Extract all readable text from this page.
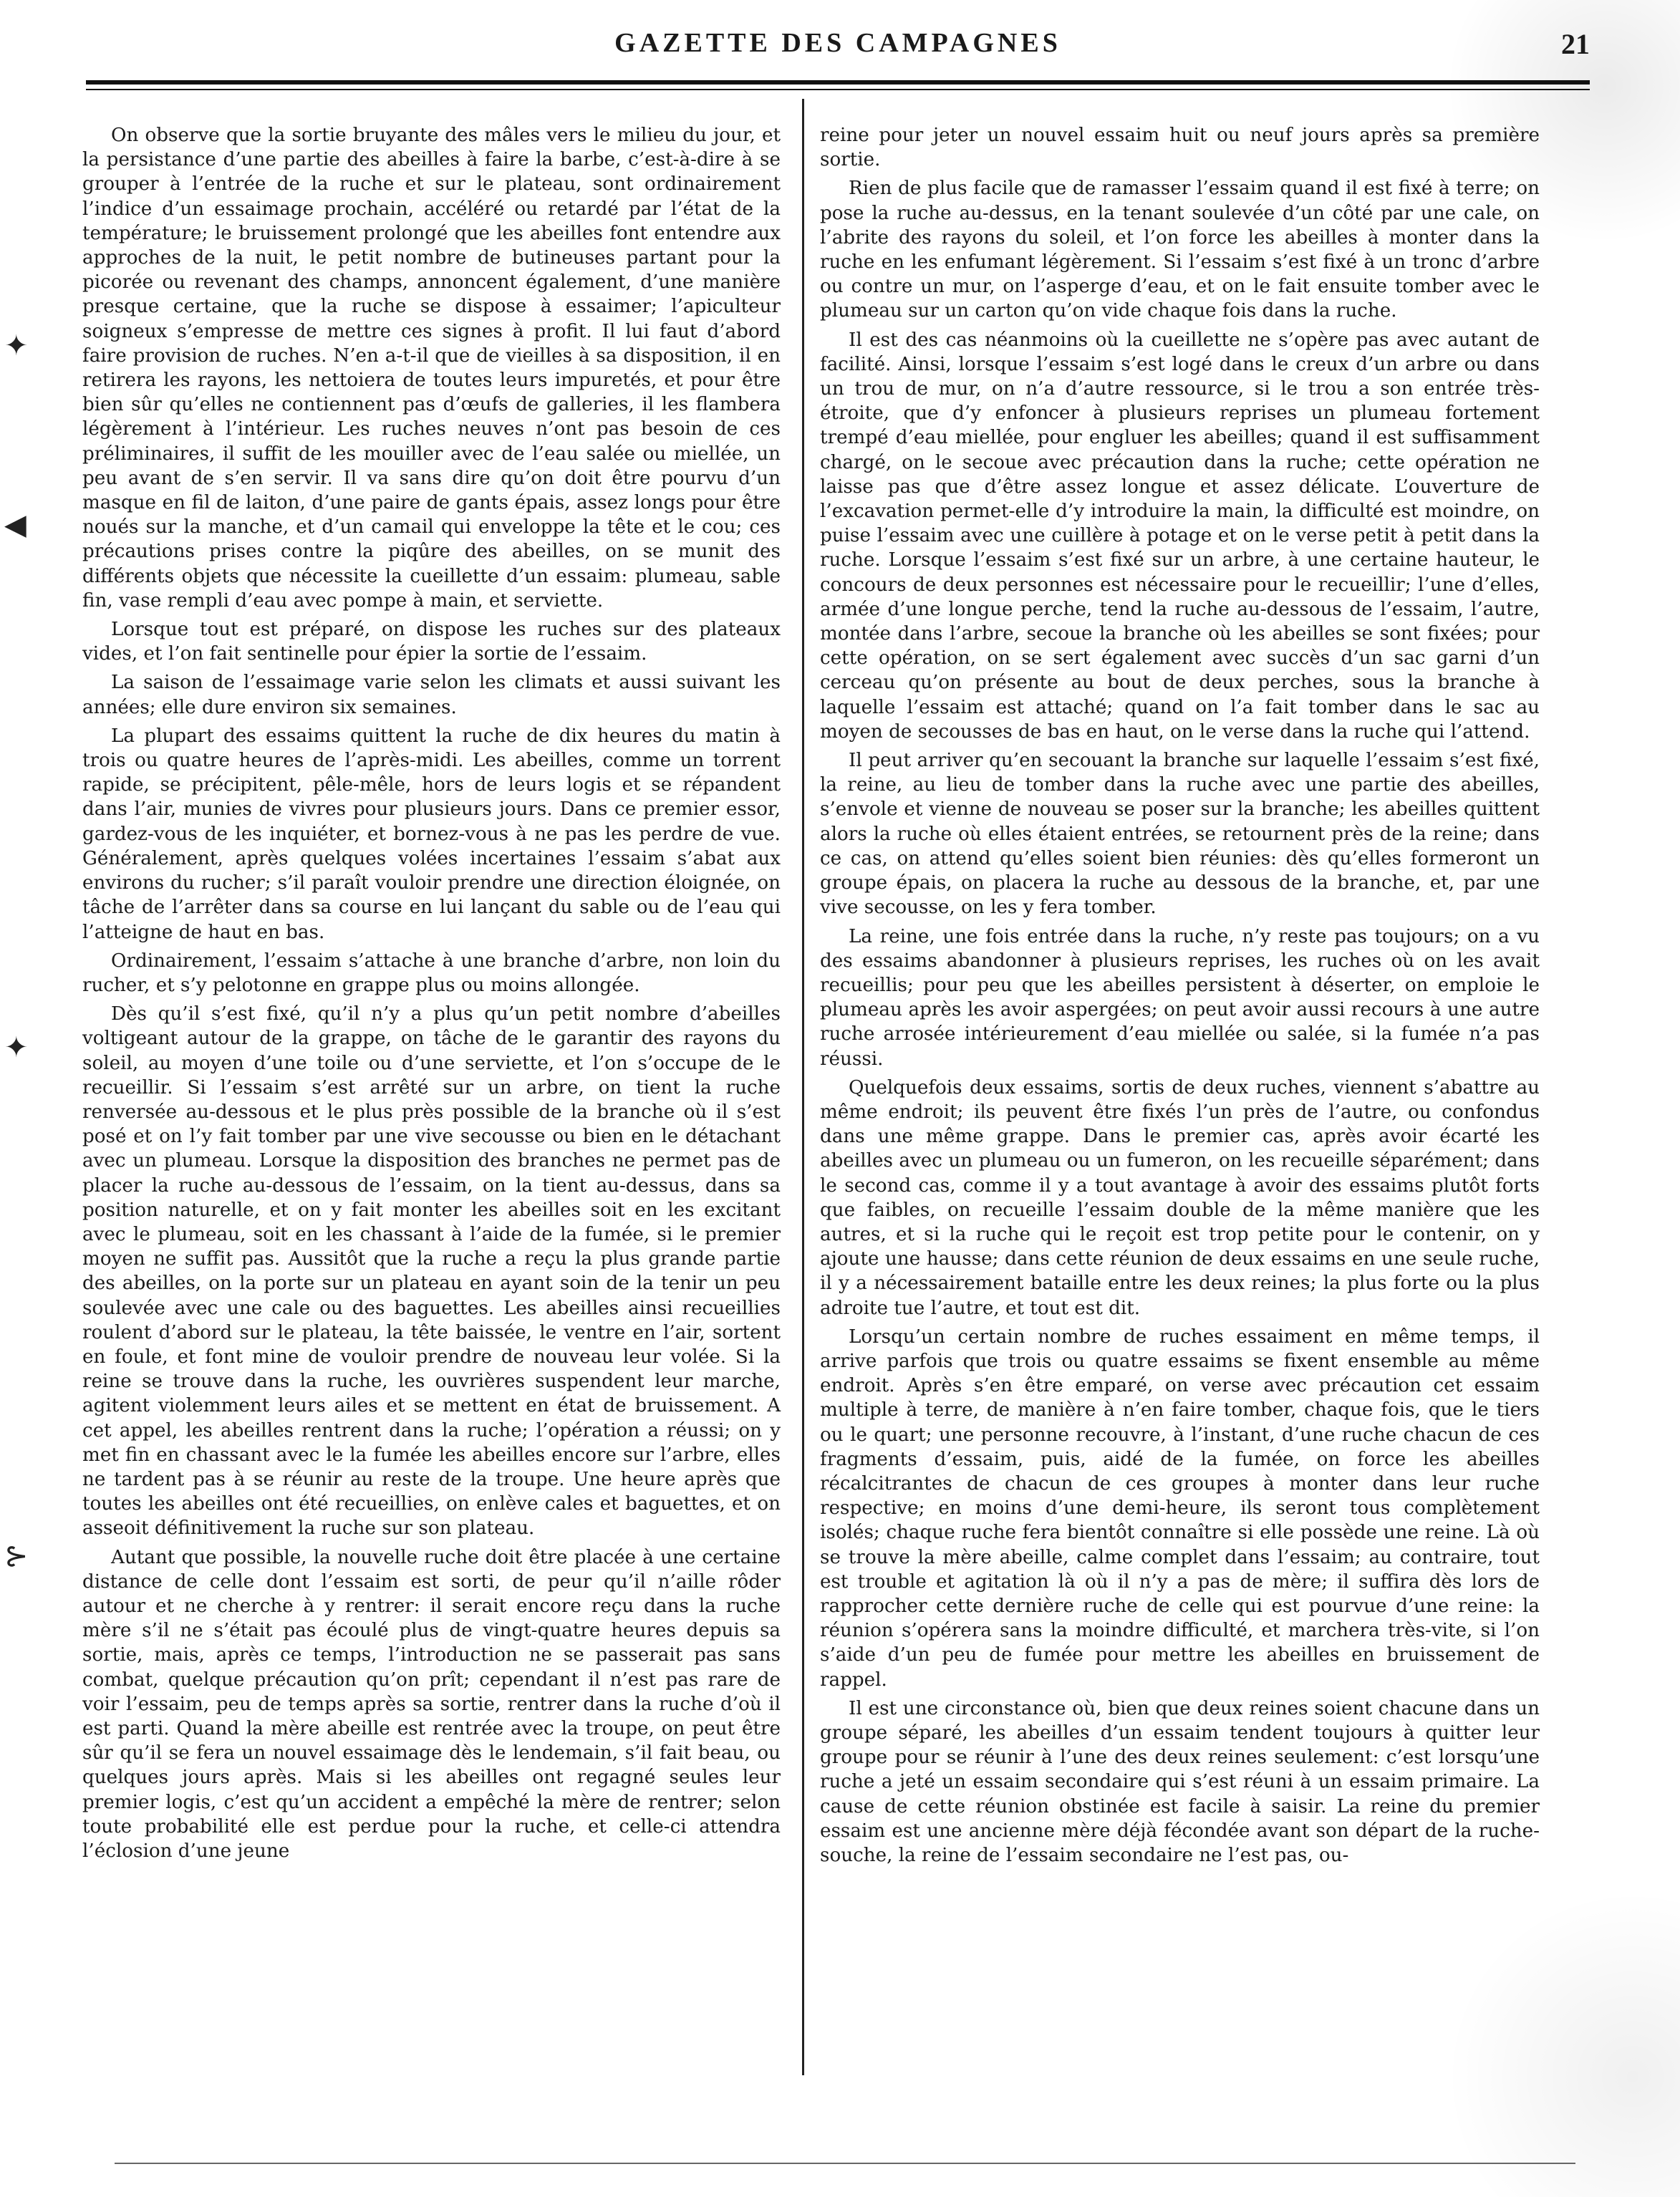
GAZETTE DES CAMPAGNES	21

On observe que la sortie bruyante des mâles vers le milieu du jour, et la persistance d’une partie des abeilles à faire la barbe, c’est-à-dire à se grouper à l’entrée de la ruche et sur le plateau, sont ordinairement l’indice d’un essaimage prochain, accéléré ou retardé par l’état de la température; le bruissement prolongé que les abeilles font entendre aux approches de la nuit, le petit nombre de butineuses partant pour la picorée ou revenant des champs, annoncent également, d’une manière presque certaine, que la ruche se dispose à essaimer; l’apiculteur soigneux s’empresse de mettre ces signes à profit. Il lui faut d’abord faire provision de ruches. N’en a-t-il que de vieilles à sa disposition, il en retirera les rayons, les nettoiera de toutes leurs impuretés, et pour être bien sûr qu’elles ne contiennent pas d’œufs de galleries, il les flambera légèrement à l’intérieur. Les ruches neuves n’ont pas besoin de ces préliminaires, il suffit de les mouiller avec de l’eau salée ou miellée, un peu avant de s’en servir. Il va sans dire qu’on doit être pourvu d’un masque en fil de laiton, d’une paire de gants épais, assez longs pour être noués sur la manche, et d’un camail qui enveloppe la tête et le cou; ces précautions prises contre la piqûre des abeilles, on se munit des différents objets que nécessite la cueillette d’un essaim: plumeau, sable fin, vase rempli d’eau avec pompe à main, et serviette.

Lorsque tout est préparé, on dispose les ruches sur des plateaux vides, et l’on fait sentinelle pour épier la sortie de l’essaim.

La saison de l’essaimage varie selon les climats et aussi suivant les années; elle dure environ six semaines.

La plupart des essaims quittent la ruche de dix heures du matin à trois ou quatre heures de l’après-midi. Les abeilles, comme un torrent rapide, se précipitent, pêle-mêle, hors de leurs logis et se répandent dans l’air, munies de vivres pour plusieurs jours. Dans ce premier essor, gardez-vous de les inquiéter, et bornez-vous à ne pas les perdre de vue. Généralement, après quelques volées incertaines l’essaim s’abat aux environs du rucher; s’il paraît vouloir prendre une direction éloignée, on tâche de l’arrêter dans sa course en lui lançant du sable ou de l’eau qui l’atteigne de haut en bas.

Ordinairement, l’essaim s’attache à une branche d’arbre, non loin du rucher, et s’y pelotonne en grappe plus ou moins allongée.

Dès qu’il s’est fixé, qu’il n’y a plus qu’un petit nombre d’abeilles voltigeant autour de la grappe, on tâche de le garantir des rayons du soleil, au moyen d’une toile ou d’une serviette, et l’on s’occupe de le recueillir. Si l’essaim s’est arrêté sur un arbre, on tient la ruche renversée au-dessous et le plus près possible de la branche où il s’est posé et on l’y fait tomber par une vive secousse ou bien en le détachant avec un plumeau. Lorsque la disposition des branches ne permet pas de placer la ruche au-dessous de l’essaim, on la tient au-dessus, dans sa position naturelle, et on y fait monter les abeilles soit en les excitant avec le plumeau, soit en les chassant à l’aide de la fumée, si le premier moyen ne suffit pas. Aussitôt que la ruche a reçu la plus grande partie des abeilles, on la porte sur un plateau en ayant soin de la tenir un peu soulevée avec une cale ou des baguettes. Les abeilles ainsi recueillies roulent d’abord sur le plateau, la tête baissée, le ventre en l’air, sortent en foule, et font mine de vouloir prendre de nouveau leur volée. Si la reine se trouve dans la ruche, les ouvrières suspendent leur marche, agitent violemment leurs ailes et se mettent en état de bruissement. A cet appel, les abeilles rentrent dans la ruche; l’opération a réussi; on y met fin en chassant avec le la fumée les abeilles encore sur l’arbre, elles ne tardent pas à se réunir au reste de la troupe. Une heure après que toutes les abeilles ont été recueillies, on enlève cales et baguettes, et on asseoit définitivement la ruche sur son plateau.

Autant que possible, la nouvelle ruche doit être placée à une certaine distance de celle dont l’essaim est sorti, de peur qu’il n’aille rôder autour et ne cherche à y rentrer: il serait encore reçu dans la ruche mère s’il ne s’était pas écoulé plus de vingt-quatre heures depuis sa sortie, mais, après ce temps, l’introduction ne se passerait pas sans combat, quelque précaution qu’on prît; cependant il n’est pas rare de voir l’essaim, peu de temps après sa sortie, rentrer dans la ruche d’où il est parti. Quand la mère abeille est rentrée avec la troupe, on peut être sûr qu’il se fera un nouvel essaimage dès le lendemain, s’il fait beau, ou quelques jours après. Mais si les abeilles ont regagné seules leur premier logis, c’est qu’un accident a empêché la mère de rentrer; selon toute probabilité elle est perdue pour la ruche, et celle-ci attendra l’éclosion d’une jeune

reine pour jeter un nouvel essaim huit ou neuf jours après sa première sortie.

Rien de plus facile que de ramasser l’essaim quand il est fixé à terre; on pose la ruche au-dessus, en la tenant soulevée d’un côté par une cale, on l’abrite des rayons du soleil, et l’on force les abeilles à monter dans la ruche en les enfumant légèrement. Si l’essaim s’est fixé à un tronc d’arbre ou contre un mur, on l’asperge d’eau, et on le fait ensuite tomber avec le plumeau sur un carton qu’on vide chaque fois dans la ruche.

Il est des cas néanmoins où la cueillette ne s’opère pas avec autant de facilité. Ainsi, lorsque l’essaim s’est logé dans le creux d’un arbre ou dans un trou de mur, on n’a d’autre ressource, si le trou a son entrée très-étroite, que d’y enfoncer à plusieurs reprises un plumeau fortement trempé d’eau miellée, pour engluer les abeilles; quand il est suffisamment chargé, on le secoue avec précaution dans la ruche; cette opération ne laisse pas que d’être assez longue et assez délicate. L’ouverture de l’excavation permet-elle d’y introduire la main, la difficulté est moindre, on puise l’essaim avec une cuillère à potage et on le verse petit à petit dans la ruche. Lorsque l’essaim s’est fixé sur un arbre, à une certaine hauteur, le concours de deux personnes est nécessaire pour le recueillir; l’une d’elles, armée d’une longue perche, tend la ruche au-dessous de l’essaim, l’autre, montée dans l’arbre, secoue la branche où les abeilles se sont fixées; pour cette opération, on se sert également avec succès d’un sac garni d’un cerceau qu’on présente au bout de deux perches, sous la branche à laquelle l’essaim est attaché; quand on l’a fait tomber dans le sac au moyen de secousses de bas en haut, on le verse dans la ruche qui l’attend.

Il peut arriver qu’en secouant la branche sur laquelle l’essaim s’est fixé, la reine, au lieu de tomber dans la ruche avec une partie des abeilles, s’envole et vienne de nouveau se poser sur la branche; les abeilles quittent alors la ruche où elles étaient entrées, se retournent près de la reine; dans ce cas, on attend qu’elles soient bien réunies: dès qu’elles formeront un groupe épais, on placera la ruche au dessous de la branche, et, par une vive secousse, on les y fera tomber.

La reine, une fois entrée dans la ruche, n’y reste pas toujours; on a vu des essaims abandonner à plusieurs reprises, les ruches où on les avait recueillis; pour peu que les abeilles persistent à déserter, on emploie le plumeau après les avoir aspergées; on peut avoir aussi recours à une autre ruche arrosée intérieurement d’eau miellée ou salée, si la fumée n’a pas réussi.

Quelquefois deux essaims, sortis de deux ruches, viennent s’abattre au même endroit; ils peuvent être fixés l’un près de l’autre, ou confondus dans une même grappe. Dans le premier cas, après avoir écarté les abeilles avec un plumeau ou un fumeron, on les recueille séparément; dans le second cas, comme il y a tout avantage à avoir des essaims plutôt forts que faibles, on recueille l’essaim double de la même manière que les autres, et si la ruche qui le reçoit est trop petite pour le contenir, on y ajoute une hausse; dans cette réunion de deux essaims en une seule ruche, il y a nécessairement bataille entre les deux reines; la plus forte ou la plus adroite tue l’autre, et tout est dit.

Lorsqu’un certain nombre de ruches essaiment en même temps, il arrive parfois que trois ou quatre essaims se fixent ensemble au même endroit. Après s’en être emparé, on verse avec précaution cet essaim multiple à terre, de manière à n’en faire tomber, chaque fois, que le tiers ou le quart; une personne recouvre, à l’instant, d’une ruche chacun de ces fragments d’essaim, puis, aidé de la fumée, on force les abeilles récalcitrantes de chacun de ces groupes à monter dans leur ruche respective; en moins d’une demi-heure, ils seront tous complètement isolés; chaque ruche fera bientôt connaître si elle possède une reine. Là où se trouve la mère abeille, calme complet dans l’essaim; au contraire, tout est trouble et agitation là où il n’y a pas de mère; il suffira dès lors de rapprocher cette dernière ruche de celle qui est pourvue d’une reine: la réunion s’opérera sans la moindre difficulté, et marchera très-vite, si l’on s’aide d’un peu de fumée pour mettre les abeilles en bruissement de rappel.

Il est une circonstance où, bien que deux reines soient chacune dans un groupe séparé, les abeilles d’un essaim tendent toujours à quitter leur groupe pour se réunir à l’une des deux reines seulement: c’est lorsqu’une ruche a jeté un essaim secondaire qui s’est réuni à un essaim primaire. La cause de cette réunion obstinée est facile à saisir. La reine du premier essaim est une ancienne mère déjà fécondée avant son départ de la ruche-souche, la reine de l’essaim secondaire ne l’est pas, ou-

✦
◀
✦
⊱
